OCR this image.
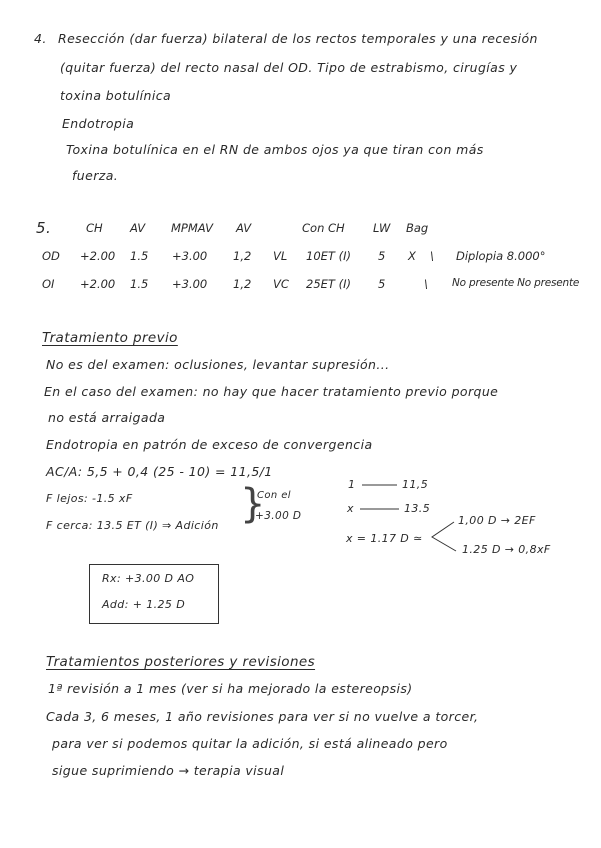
4. Resección (dar fuerza) bilateral de los rectos temporales y una recesión
(quitar fuerza) del recto nasal del OD. Tipo de estrabismo, cirugías y
toxina botulínica
Endotropia
Toxina botulínica en el RN de ambos ojos ya que tiran con más
fuerza.
5.	CH AV MPMAV AV	Con CH LW Bag
OD +2.00 1.5 +3.00 1,2 VL 10ET (I) 5 X \ Diplopia 8.000°
OI +2.00 1.5 +3.00 1,2 VC 25ET (I) 5	\ No presente No presente
Tratamiento previo
No es del examen: oclusiones, levantar supresión...
En el caso del examen: no hay que hacer tratamiento previo porque
no está arraigada
Endotropia en patrón de exceso de convergencia
AC/A: 5,5 + 0,4 (25 - 10) = 11,5/1
F lejos: -1.5 xF
F cerca: 13.5 ET (I) ⇒ Adición }
Con el
+3.00 D
1	11,5
x	13.5
x = 1.17 D ≃
1,00 D → 2EF
1.25 D → 0,8xF
Rx: +3.00 D AO
Add: + 1.25 D
Tratamientos posteriores y revisiones
1ª revisión a 1 mes (ver si ha mejorado la estereopsis)
Cada 3, 6 meses, 1 año revisiones para ver si no vuelve a torcer,
para ver si podemos quitar la adición, si está alineado pero
sigue suprimiendo → terapia visual
